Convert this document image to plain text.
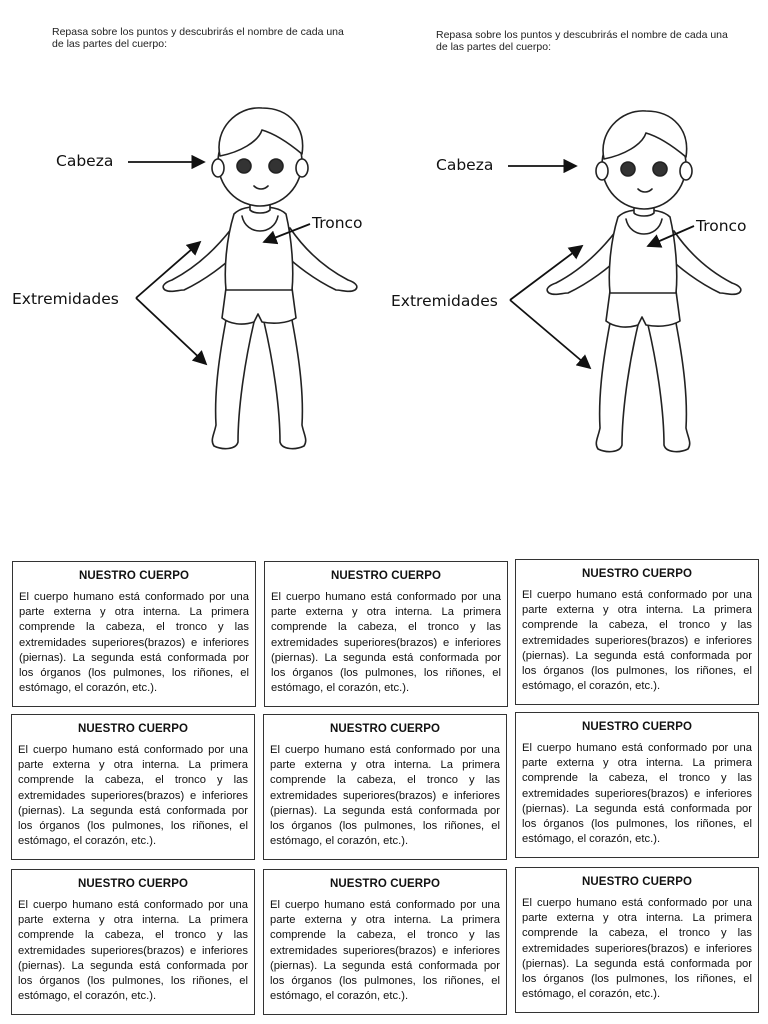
Repasa sobre los puntos y descubrirás el nombre de cada una de las partes del cuerpo:
Repasa sobre los puntos y descubrirás el nombre de cada una de las partes del cuerpo:
Cabeza
Tronco
Extremidades
Cabeza
Tronco
Extremidades
NUESTRO CUERPO

El cuerpo humano está conformado por una parte externa y otra interna. La primera comprende la cabeza, el tronco y las extremidades superiores(brazos) e inferiores (piernas). La segunda está conformada por los órganos (los pulmones, los riñones, el estómago, el corazón, etc.).

NUESTRO CUERPO

El cuerpo humano está conformado por una parte externa y otra interna. La primera comprende la cabeza, el tronco y las extremidades superiores(brazos) e inferiores (piernas). La segunda está conformada por los órganos (los pulmones, los riñones, el estómago, el corazón, etc.).

NUESTRO CUERPO

El cuerpo humano está conformado por una parte externa y otra interna. La primera comprende la cabeza, el tronco y las extremidades superiores(brazos) e inferiores (piernas). La segunda está conformada por los órganos (los pulmones, los riñones, el estómago, el corazón, etc.).

NUESTRO CUERPO

El cuerpo humano está conformado por una parte externa y otra interna. La primera comprende la cabeza, el tronco y las extremidades superiores(brazos) e inferiores (piernas). La segunda está conformada por los órganos (los pulmones, los riñones, el estómago, el corazón, etc.).

NUESTRO CUERPO

El cuerpo humano está conformado por una parte externa y otra interna. La primera comprende la cabeza, el tronco y las extremidades superiores(brazos) e inferiores (piernas). La segunda está conformada por los órganos (los pulmones, los riñones, el estómago, el corazón, etc.).

NUESTRO CUERPO

El cuerpo humano está conformado por una parte externa y otra interna. La primera comprende la cabeza, el tronco y las extremidades superiores(brazos) e inferiores (piernas). La segunda está conformada por los órganos (los pulmones, los riñones, el estómago, el corazón, etc.).

NUESTRO CUERPO

El cuerpo humano está conformado por una parte externa y otra interna. La primera comprende la cabeza, el tronco y las extremidades superiores(brazos) e inferiores (piernas). La segunda está conformada por los órganos (los pulmones, los riñones, el estómago, el corazón, etc.).

NUESTRO CUERPO

El cuerpo humano está conformado por una parte externa y otra interna. La primera comprende la cabeza, el tronco y las extremidades superiores(brazos) e inferiores (piernas). La segunda está conformada por los órganos (los pulmones, los riñones, el estómago, el corazón, etc.).

NUESTRO CUERPO

El cuerpo humano está conformado por una parte externa y otra interna. La primera comprende la cabeza, el tronco y las extremidades superiores(brazos) e inferiores (piernas). La segunda está conformada por los órganos (los pulmones, los riñones, el estómago, el corazón, etc.).
